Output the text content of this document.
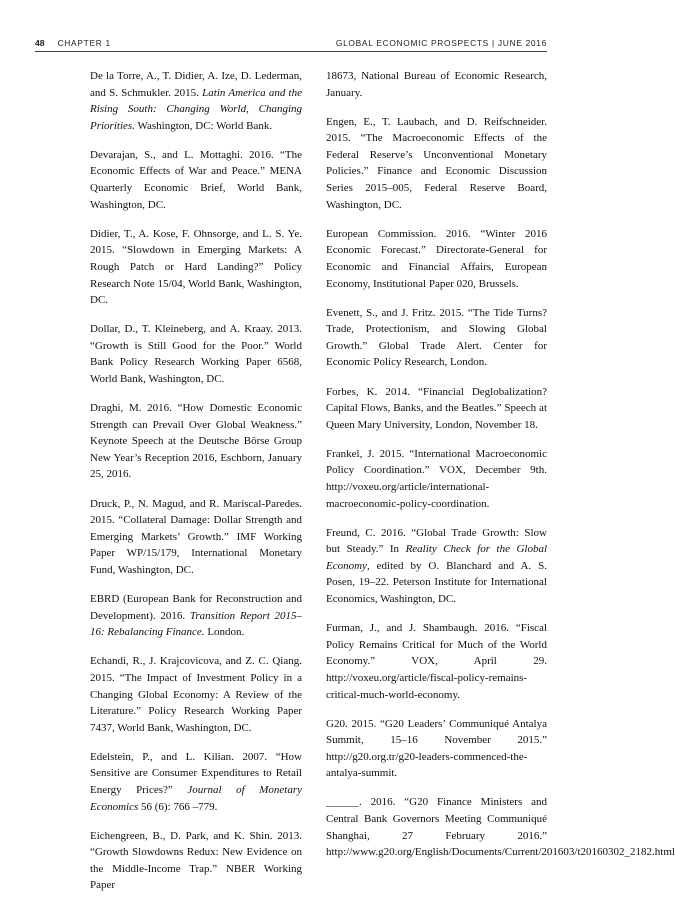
48 CHAPTER 1	GLOBAL ECONOMIC PROSPECTS | JUNE 2016

De la Torre, A., T. Didier, A. Ize, D. Lederman, and S. Schmukler. 2015. Latin America and the Rising South: Changing World, Changing Priorities. Washington, DC: World Bank.

Devarajan, S., and L. Mottaghi. 2016. “The Economic Effects of War and Peace.” MENA Quarterly Economic Brief, World Bank, Washington, DC.

Didier, T., A. Kose, F. Ohnsorge, and L. S. Ye. 2015. “Slowdown in Emerging Markets: A Rough Patch or Hard Landing?” Policy Research Note 15/04, World Bank, Washington, DC.

Dollar, D., T. Kleineberg, and A. Kraay. 2013. “Growth is Still Good for the Poor.” World Bank Policy Research Working Paper 6568, World Bank, Washington, DC.

Draghi, M. 2016. “How Domestic Economic Strength can Prevail Over Global Weakness.” Keynote Speech at the Deutsche Börse Group New Year’s Reception 2016, Eschborn, January 25, 2016.

Druck, P., N. Magud, and R. Mariscal-Paredes. 2015. “Collateral Damage: Dollar Strength and Emerging Markets’ Growth.” IMF Working Paper WP/15/179, International Monetary Fund, Washington, DC.

EBRD (European Bank for Reconstruction and Development). 2016. Transition Report 2015–16: Rebalancing Finance. London.

Echandi, R., J. Krajcovicova, and Z. C. Qiang. 2015. “The Impact of Investment Policy in a Changing Global Economy: A Review of the Literature.” Policy Research Working Paper 7437, World Bank, Washington, DC.

Edelstein, P., and L. Kilian. 2007. “How Sensitive are Consumer Expenditures to Retail Energy Prices?” Journal of Monetary Economics 56 (6): 766 –779.

Eichengreen, B., D. Park, and K. Shin. 2013. “Growth Slowdowns Redux: New Evidence on the Middle-Income Trap.” NBER Working Paper

18673, National Bureau of Economic Research, January.

Engen, E., T. Laubach, and D. Reifschneider. 2015. “The Macroeconomic Effects of the Federal Reserve’s Unconventional Monetary Policies.” Finance and Economic Discussion Series 2015–005, Federal Reserve Board, Washington, DC.

European Commission. 2016. “Winter 2016 Economic Forecast.” Directorate-General for Economic and Financial Affairs, European Economy, Institutional Paper 020, Brussels.

Evenett, S., and J. Fritz. 2015. “The Tide Turns? Trade, Protectionism, and Slowing Global Growth.” Global Trade Alert. Center for Economic Policy Research, London.

Forbes, K. 2014. “Financial Deglobalization? Capital Flows, Banks, and the Beatles.” Speech at Queen Mary University, London, November 18.

Frankel, J. 2015. “International Macroeconomic Policy Coordination.” VOX, December 9th. http://voxeu.org/article/international-macroeconomic-policy-coordination.

Freund, C. 2016. “Global Trade Growth: Slow but Steady.” In Reality Check for the Global Economy, edited by O. Blanchard and A. S. Posen, 19–22. Peterson Institute for International Economics, Washington, DC.

Furman, J., and J. Shambaugh. 2016. “Fiscal Policy Remains Critical for Much of the World Economy.” VOX, April 29. http://voxeu.org/article/fiscal-policy-remains-critical-much-world-economy.

G20. 2015. “G20 Leaders’ Communiqué Antalya Summit, 15–16 November 2015.” http://g20.org.tr/g20-leaders-commenced-the-antalya-summit.

______. 2016. “G20 Finance Ministers and Central Bank Governors Meeting Communiqué Shanghai, 27 February 2016.” http://www.g20.org/English/Documents/Current/201603/t20160302_2182.html
